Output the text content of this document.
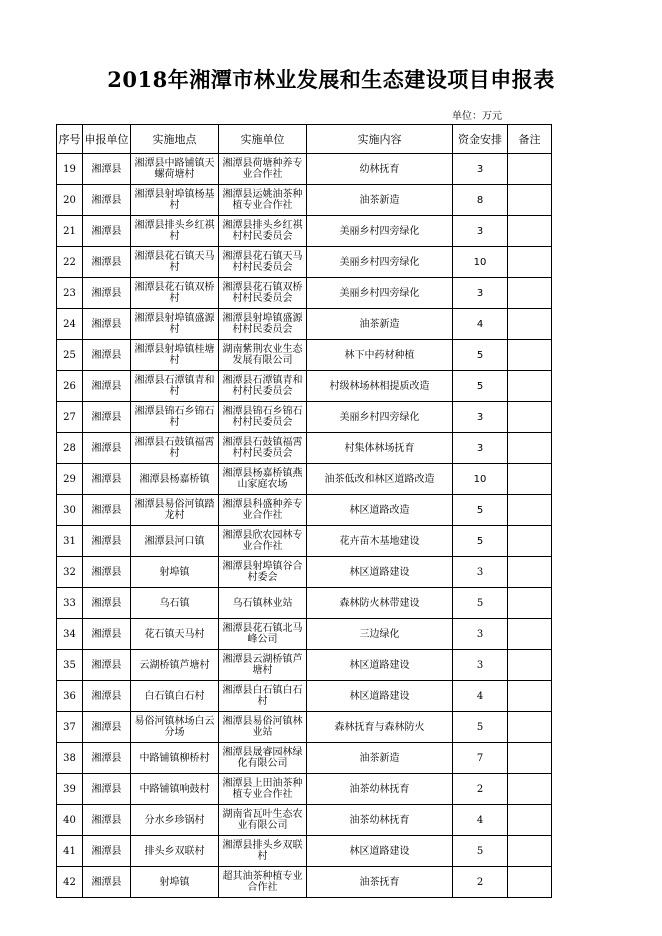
2018年湘潭市林业发展和生态建设项目申报表
单位：万元
序号	申报单位	实施地点	实施单位	实施内容	资金安排	备注
19	湘潭县	湘潭县中路铺镇天螺荷塘村	湘潭县荷塘种养专业合作社	幼林抚育	3	
20	湘潭县	湘潭县射埠镇杨基村	湘潭县运姚油茶种植专业合作社	油茶新造	8	
21	湘潭县	湘潭县排头乡红祺村	湘潭县排头乡红祺村村民委员会	美丽乡村四旁绿化	3	
22	湘潭县	湘潭县花石镇天马村	湘潭县花石镇天马村村民委员会	美丽乡村四旁绿化	10	
23	湘潭县	湘潭县花石镇双桥村	湘潭县花石镇双桥村村民委员会	美丽乡村四旁绿化	3	
24	湘潭县	湘潭县射埠镇盛源村	湘潭县射埠镇盛源村村民委员会	油茶新造	4	
25	湘潭县	湘潭县射埠镇桂塘村	湖南紫荆农业生态发展有限公司	林下中药材种植	5	
26	湘潭县	湘潭县石潭镇青和村	湘潭县石潭镇青和村村民委员会	村级林场林相提质改造	5	
27	湘潭县	湘潭县锦石乡锦石村	湘潭县锦石乡锦石村村民委员会	美丽乡村四旁绿化	3	
28	湘潭县	湘潭县石鼓镇福霄村	湘潭县石鼓镇福霄村村民委员会	村集体林场抚育	3	
29	湘潭县	湘潭县杨嘉桥镇	湘潭县杨嘉桥镇燕山家庭农场	油茶低改和林区道路改造	10	
30	湘潭县	湘潭县易俗河镇踏龙村	湘潭县科盛种养专业合作社	林区道路改造	5	
31	湘潭县	湘潭县河口镇	湘潭县欣农园林专业合作社	花卉苗木基地建设	5	
32	湘潭县	射埠镇	湘潭县射埠镇谷合村委会	林区道路建设	3	
33	湘潭县	乌石镇	乌石镇林业站	森林防火林带建设	5	
34	湘潭县	花石镇天马村	湘潭县花石镇北马峰公司	三边绿化	3	
35	湘潭县	云湖桥镇芦塘村	湘潭县云湖桥镇芦塘村	林区道路建设	3	
36	湘潭县	白石镇白石村	湘潭县白石镇白石村	林区道路建设	4	
37	湘潭县	易俗河镇林场白云分场	湘潭县易俗河镇林业站	森林抚育与森林防火	5	
38	湘潭县	中路铺镇柳桥村	湘潭县晟睿园林绿化有限公司	油茶新造	7	
39	湘潭县	中路铺镇响鼓村	湘潭县上田油茶种植专业合作社	油茶幼林抚育	2	
40	湘潭县	分水乡珍锅村	湖南省瓦叶生态农业有限公司	油茶幼林抚育	4	
41	湘潭县	排头乡双联村	湘潭县排头乡双联村	林区道路建设	5	
42	湘潭县	射埠镇	超其油茶种植专业合作社	油茶抚育	2	
